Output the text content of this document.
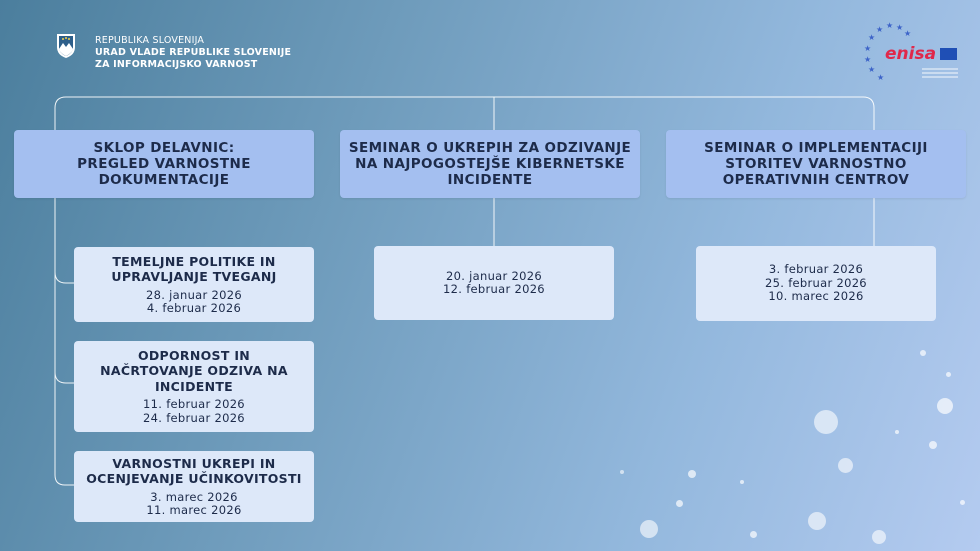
REPUBLIKA SLOVENIJA
URAD VLADE REPUBLIKE SLOVENIJE
ZA INFORMACIJSKO VARNOST	★
★
★
★
★ ★ ★
★
★
enisa
SKLOP DELAVNIC:
PREGLED VARNOSTNE
DOKUMENTACIJE
TEMELJNE POLITIKE IN
UPRAVLJANJE TVEGANJ
28. januar 2026
4. februar 2026
ODPORNOST IN
NAČRTOVANJE ODZIVA NA
INCIDENTE
11. februar 2026
24. februar 2026
VARNOSTNI UKREPI IN
OCENJEVANJE UČINKOVITOSTI
3. marec 2026
11. marec 2026
SEMINAR O UKREPIH ZA ODZIVANJE
NA NAJPOGOSTEJŠE KIBERNETSKE
INCIDENTE
20. januar 2026
12. februar 2026
SEMINAR O IMPLEMENTACIJI
STORITEV VARNOSTNO
OPERATIVNIH CENTROV
3. februar 2026
25. februar 2026
10. marec 2026
